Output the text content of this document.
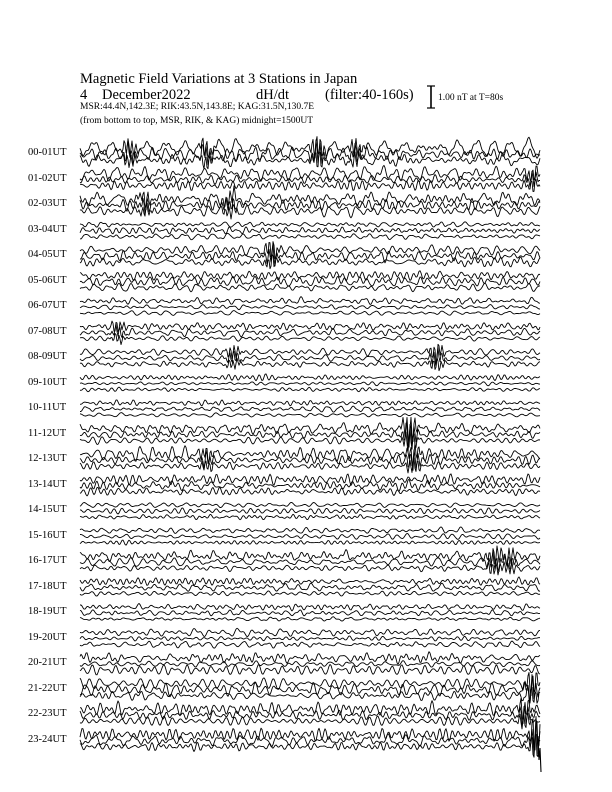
Magnetic Field Variations at 3 Stations in Japan
4 December2022	dH/dt (filter:40-160s)
MSR:44.4N,142.3E; RIK:43.5N,143.8E; KAG:31.5N,130.7E
(from bottom to top, MSR, RIK, & KAG) midnight=1500UT
1.00 nT at T=80s
00-01UT
01-02UT
02-03UT
03-04UT
04-05UT
05-06UT
06-07UT
07-08UT
08-09UT
09-10UT
10-11UT
11-12UT
12-13UT
13-14UT
14-15UT
15-16UT
16-17UT
17-18UT
18-19UT
19-20UT
20-21UT
21-22UT
22-23UT
23-24UT
